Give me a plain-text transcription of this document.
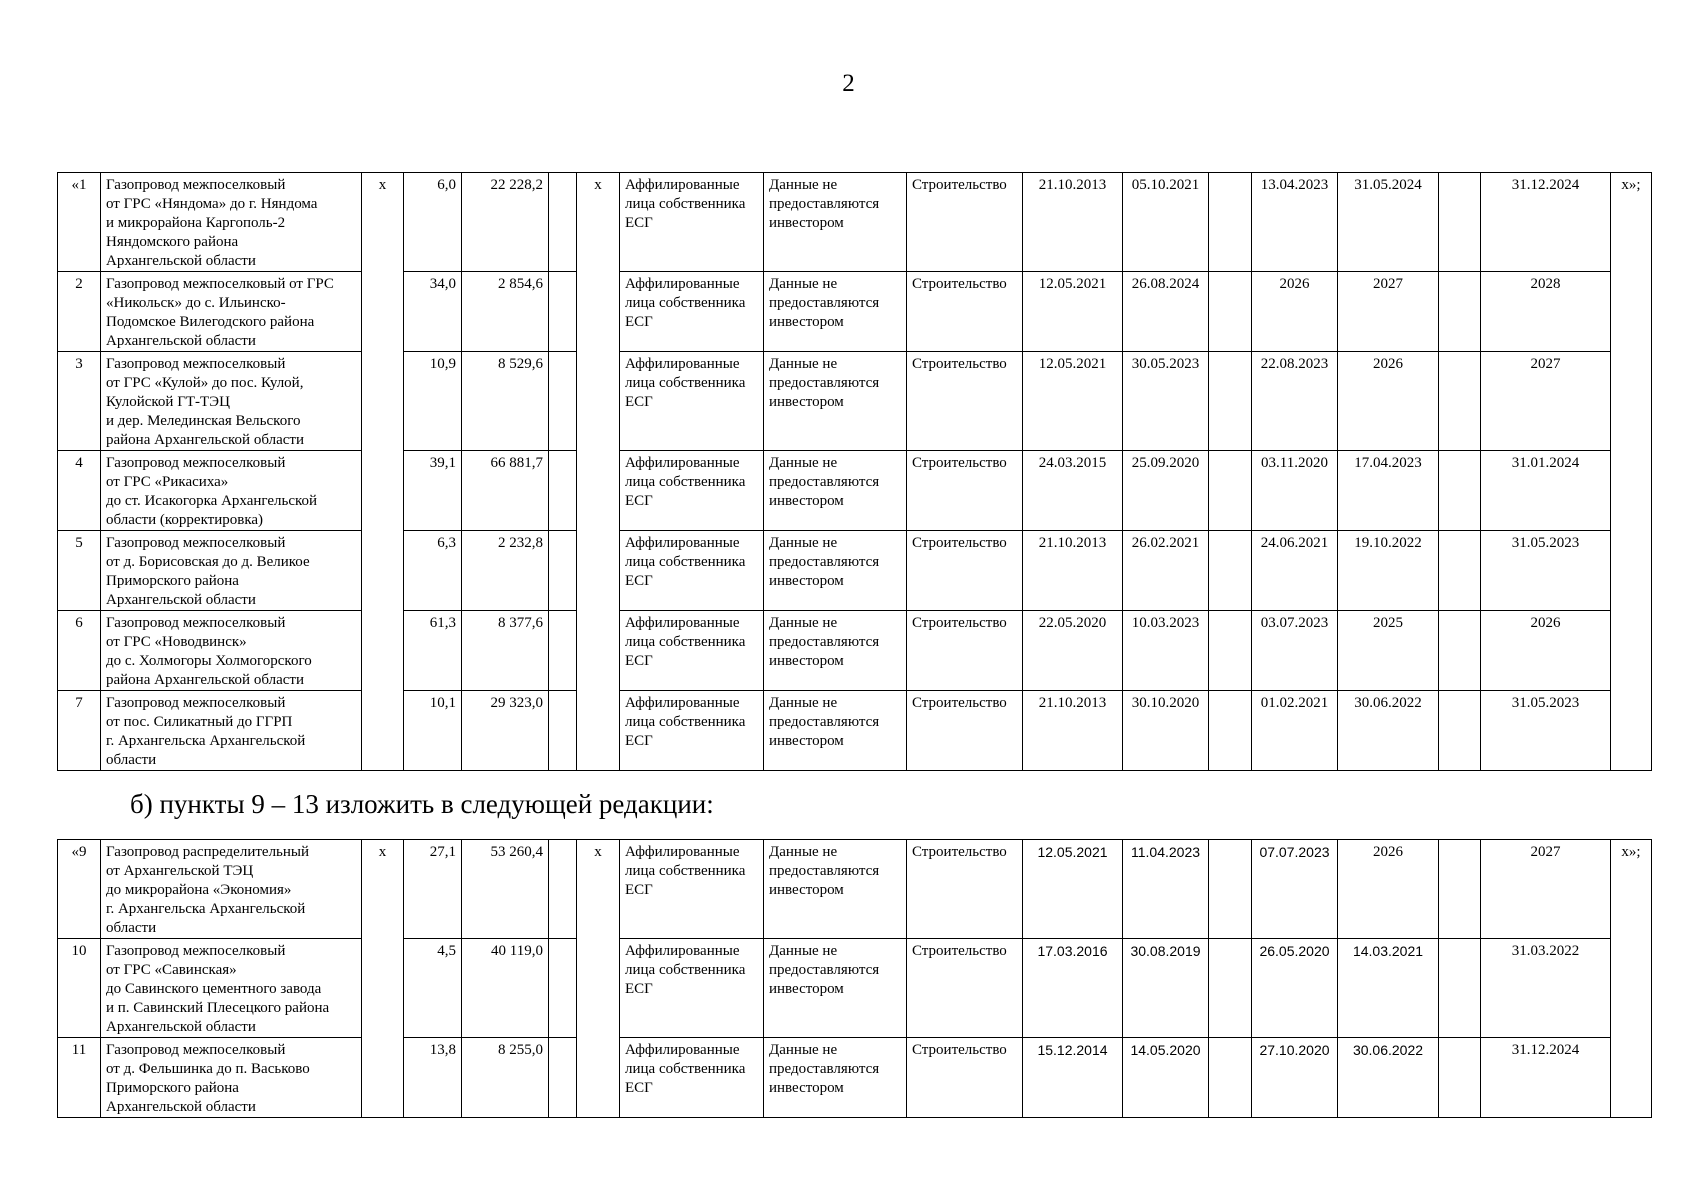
2
«1	Газопровод межпоселковый
от ГРС «Няндома» до г. Няндома
и микрорайона Каргополь-2
Няндомского района
Архангельской области	x	6,0	22 228,2		x	Аффилированные
лица собственника
ЕСГ	Данные не
предоставляются
инвестором	Строительство	21.10.2013	05.10.2021		13.04.2023	31.05.2024		31.12.2024	х»;
2	Газопровод межпоселковый от ГРС
«Никольск» до с. Ильинско-
Подомское Вилегодского района
Архангельской области		34,0	2 854,6			Аффилированные
лица собственника
ЕСГ	Данные не
предоставляются
инвестором	Строительство	12.05.2021	26.08.2024		2026	2027		2028	
3	Газопровод межпоселковый
от ГРС «Кулой» до пос. Кулой,
Кулойской ГТ-ТЭЦ
и дер. Мелединская Вельского
района Архангельской области		10,9	8 529,6			Аффилированные
лица собственника
ЕСГ	Данные не
предоставляются
инвестором	Строительство	12.05.2021	30.05.2023		22.08.2023	2026		2027	
4	Газопровод межпоселковый
от ГРС «Рикасиха»
до ст. Исакогорка Архангельской
области (корректировка)		39,1	66 881,7			Аффилированные
лица собственника
ЕСГ	Данные не
предоставляются
инвестором	Строительство	24.03.2015	25.09.2020		03.11.2020	17.04.2023		31.01.2024	
5	Газопровод межпоселковый
от д. Борисовская до д. Великое
Приморского района
Архангельской области		6,3	2 232,8			Аффилированные
лица собственника
ЕСГ	Данные не
предоставляются
инвестором	Строительство	21.10.2013	26.02.2021		24.06.2021	19.10.2022		31.05.2023	
6	Газопровод межпоселковый
от ГРС «Новодвинск»
до с. Холмогоры Холмогорского
района Архангельской области		61,3	8 377,6			Аффилированные
лица собственника
ЕСГ	Данные не
предоставляются
инвестором	Строительство	22.05.2020	10.03.2023		03.07.2023	2025		2026	
7	Газопровод межпоселковый
от пос. Силикатный до ГГРП
г. Архангельска Архангельской
области		10,1	29 323,0			Аффилированные
лица собственника
ЕСГ	Данные не
предоставляются
инвестором	Строительство	21.10.2013	30.10.2020		01.02.2021	30.06.2022		31.05.2023	
б) пункты 9 – 13 изложить в следующей редакции:
«9	Газопровод распределительный
от Архангельской ТЭЦ
до микрорайона «Экономия»
г. Архангельска Архангельской
области	x	27,1	53 260,4		x	Аффилированные
лица собственника
ЕСГ	Данные не
предоставляются
инвестором	Строительство	12.05.2021	11.04.2023		07.07.2023	2026		2027	х»;
10	Газопровод межпоселковый
от ГРС «Савинская»
до Савинского цементного завода
и п. Савинский Плесецкого района
Архангельской области		4,5	40 119,0			Аффилированные
лица собственника
ЕСГ	Данные не
предоставляются
инвестором	Строительство	17.03.2016	30.08.2019		26.05.2020	14.03.2021		31.03.2022	
11	Газопровод межпоселковый
от д. Фельшинка до п. Васьково
Приморского района
Архангельской области		13,8	8 255,0			Аффилированные
лица собственника
ЕСГ	Данные не
предоставляются
инвестором	Строительство	15.12.2014	14.05.2020		27.10.2020	30.06.2022		31.12.2024	
